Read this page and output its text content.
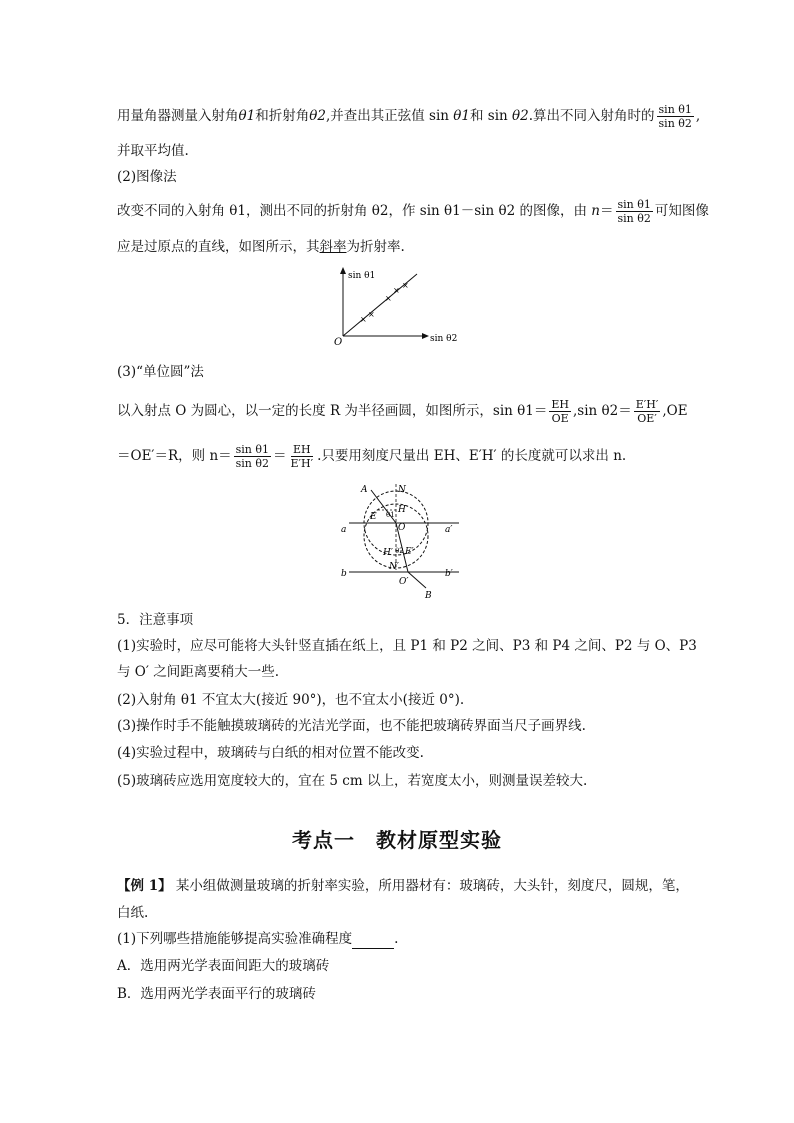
用量角器测量入射角θ1和折射角θ2,并查出其正弦值 sin θ1和 sin θ2.算出不同入射角时的 $\frac{\text{sin θ1}}{\text{sin θ2}}$ ,
并取平均值.
(2)图像法
改变不同的入射角 θ1，测出不同的折射角 θ2，作 sin θ1－sin θ2 的图像，由 $n= \frac{\text{sin θ1}}{\text{sin θ2}}$ 可知图像
应是过原点的直线，如图所示，其斜率为折射率.
sin θ1
sin θ2
O
×
×
×
×
×
(3)“单位圆”法
以入射点 O 为圆心，以一定的长度 R 为半径画圆，如图所示，$\sin \theta 1= \frac{EH}{OE} ,\sin$ $\theta 2= \frac{E'H'}{OE'} ,OE$
＝OE′＝R，则 $n= \frac{\text{sin θ1}}{\text{sin θ2}} = \frac{EH}{E'H'}$ .只要用刻度尺量出 EH、E′H′ 的长度就可以求出 n.
A	N
E θ1 H
O
a	a′
H′ θ2 E′
N′
b	b′
O′
B
5．注意事项
(1)实验时，应尽可能将大头针竖直插在纸上，且 P1 和 P2 之间、P3 和 P4 之间、P2 与 O、P3
与 O′ 之间距离要稍大一些.
(2)入射角 θ1 不宜太大(接近 90°)，也不宜太小(接近 0°).
(3)操作时手不能触摸玻璃砖的光洁光学面，也不能把玻璃砖界面当尺子画界线.
(4)实验过程中，玻璃砖与白纸的相对位置不能改变.
(5)玻璃砖应选用宽度较大的，宜在 5 cm 以上，若宽度太小，则测量误差较大.
考点一　教材原型实验
【例 1】 某小组做测量玻璃的折射率实验，所用器材有：玻璃砖，大头针，刻度尺，圆规，笔，
白纸.
(1)下列哪些措施能够提高实验准确程度	.
A．选用两光学表面间距大的玻璃砖
B．选用两光学表面平行的玻璃砖
